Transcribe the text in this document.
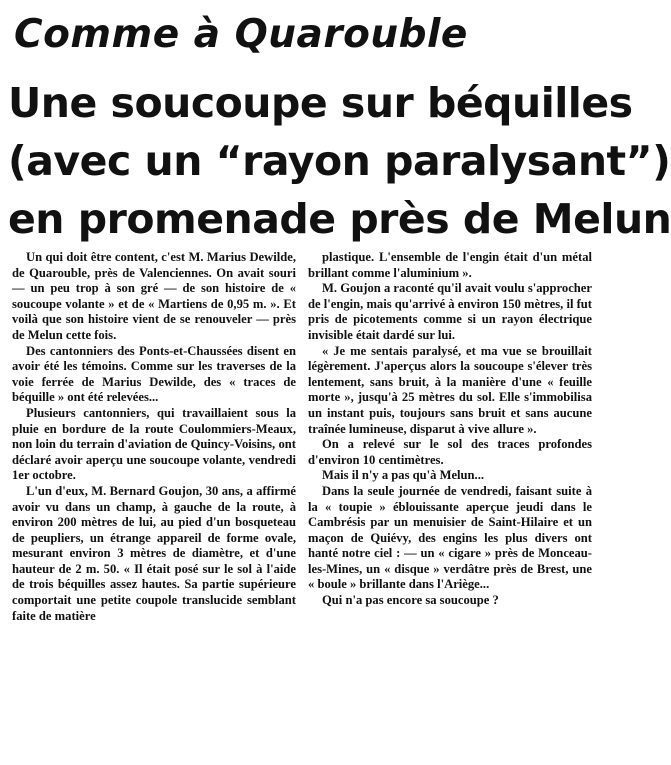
Comme à Quarouble
Une soucoupe sur béquilles
(avec un “rayon paralysant”)
en promenade près de Melun

Un qui doit être content, c'est M. Marius Dewilde, de Quarouble, près de Valenciennes. On avait souri — un peu trop à son gré — de son histoire de « soucoupe volante » et de « Martiens de 0,95 m. ». Et voilà que son histoire vient de se renouveler — près de Melun cette fois.

Des cantonniers des Ponts-et-Chaussées disent en avoir été les témoins. Comme sur les traverses de la voie ferrée de Marius Dewilde, des « traces de béquille » ont été relevées...

Plusieurs cantonniers, qui travaillaient sous la pluie en bordure de la route Coulommiers-Meaux, non loin du terrain d'aviation de Quincy-Voisins, ont déclaré avoir aperçu une soucoupe volante, vendredi 1er octobre.

L'un d'eux, M. Bernard Goujon, 30 ans, a affirmé avoir vu dans un champ, à gauche de la route, à environ 200 mètres de lui, au pied d'un bosqueteau de peupliers, un étrange appareil de forme ovale, mesurant environ 3 mètres de diamètre, et d'une hauteur de 2 m. 50. « Il était posé sur le sol à l'aide de trois béquilles assez hautes. Sa partie supérieure comportait une petite coupole translucide semblant faite de matière

plastique. L'ensemble de l'engin était d'un métal brillant comme l'aluminium ».

M. Goujon a raconté qu'il avait voulu s'approcher de l'engin, mais qu'arrivé à environ 150 mètres, il fut pris de picotements comme si un rayon électrique invisible était dardé sur lui.

« Je me sentais paralysé, et ma vue se brouillait légèrement. J'aperçus alors la soucoupe s'élever très lentement, sans bruit, à la manière d'une « feuille morte », jusqu'à 25 mètres du sol. Elle s'immobilisa un instant puis, toujours sans bruit et sans aucune traînée lumineuse, disparut à vive allure ».

On a relevé sur le sol des traces profondes d'environ 10 centimètres.

Mais il n'y a pas qu'à Melun...

Dans la seule journée de vendredi, faisant suite à la « toupie » éblouissante aperçue jeudi dans le Cambrésis par un menuisier de Saint-Hilaire et un maçon de Quiévy, des engins les plus divers ont hanté notre ciel : — un « cigare » près de Monceau-les-Mines, un « disque » verdâtre près de Brest, une « boule » brillante dans l'Ariège...

Qui n'a pas encore sa soucoupe ?
